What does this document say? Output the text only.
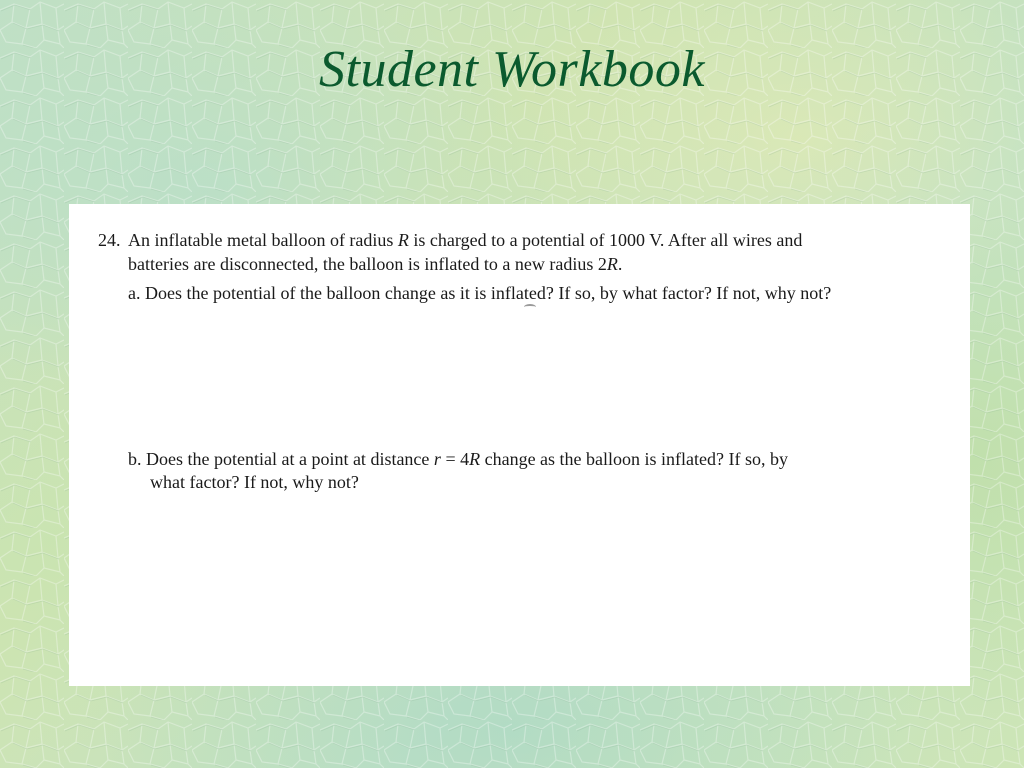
Student Workbook
24. An inflatable metal balloon of radius R is charged to a potential of 1000 V. After all wires and
batteries are disconnected, the balloon is inflated to a new radius 2R.
a. Does the potential of the balloon change as it is inflated? If so, by what factor? If not, why not?
b. Does the potential at a point at distance r = 4R change as the balloon is inflated? If so, by
what factor? If not, why not?
